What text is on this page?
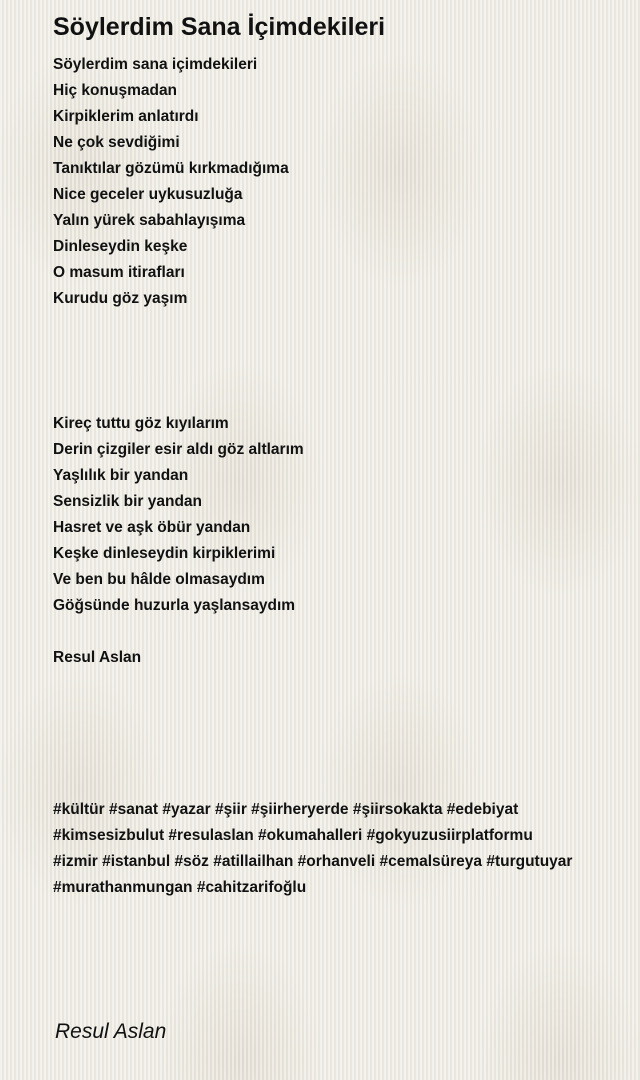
Söylerdim Sana İçimdekileri
Söylerdim sana içimdekileri
Hiç konuşmadan
Kirpiklerim anlatırdı
Ne çok sevdiğimi
Tanıktılar gözümü kırkmadığıma
Nice geceler uykusuzluğa
Yalın yürek sabahlayışıma
Dinleseydin keşke
O masum itirafları
Kurudu göz yaşım
Kireç tuttu göz kıyılarım
Derin çizgiler esir aldı göz altlarım
Yaşlılık bir yandan
Sensizlik bir yandan
Hasret ve aşk öbür yandan
Keşke dinleseydin kirpiklerimi
Ve ben bu hâlde olmasaydım
Göğsünde huzurla yaşlansaydım

Resul Aslan

#kültür #sanat #yazar #şiir #şiirheryerde #şiirsokakta #edebiyat
#kimsesizbulut #resulaslan #okumahalleri #gokyuzusiirplatformu
#izmir #istanbul #söz #atillailhan #orhanveli #cemalsüreya #turgutuyar
#murathanmungan #cahitzarifoğlu
Resul Aslan
